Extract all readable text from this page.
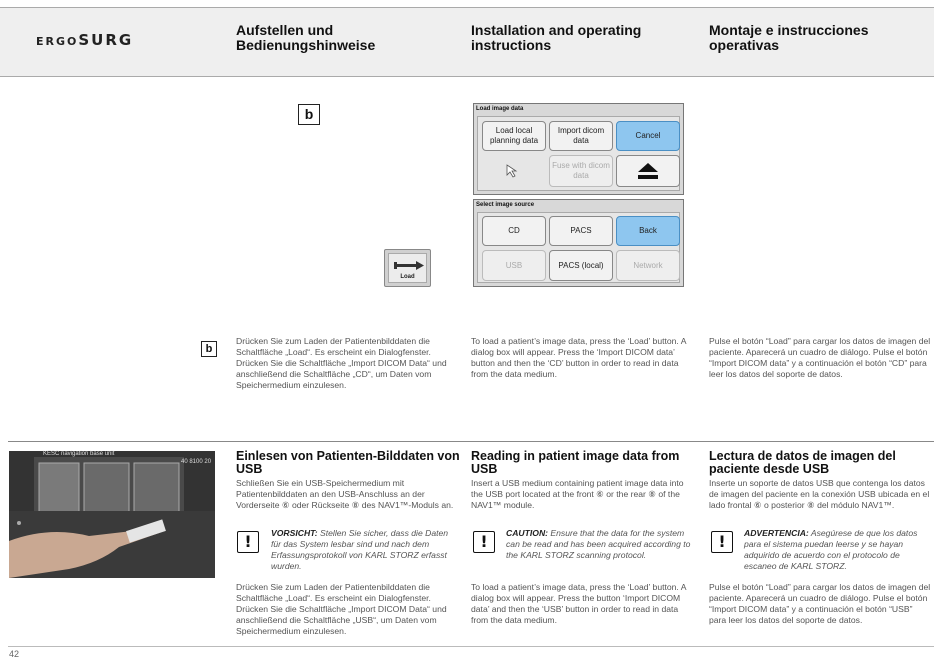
ERGOSURG
Aufstellen und
Bedienungshinweise
Installation and operating
instructions
Montaje e instrucciones
operativas
b
Load
Load image data
Load local planning data
Import dicom data
Cancel
Fuse with dicom data
Select image source
CD	PACS	Back
USB	PACS (local)	Network
b
Drücken Sie zum Laden der Patientenbilddaten die Schaltfläche „Load“. Es erscheint ein Dialogfenster. Drücken Sie die Schaltfläche „Import DICOM Data“ und anschließend die Schaltfläche „CD“, um Daten vom Speichermedium einzulesen.
To load a patient’s image data, press the ‘Load’ button. A dialog box will appear. Press the ‘Import DICOM data’ button and then the ‘CD’ button in order to read in data from the data medium.
Pulse el botón “Load” para cargar los datos de imagen del paciente. Aparecerá un cuadro de diálogo. Pulse el botón “Import DICOM data” y a continuación el botón “CD” para leer los datos del soporte de datos.
KESC navigation base unit
40 8100 20 Einlesen von Patienten-Bilddaten von USB
Schließen Sie ein USB-Speichermedium mit Patientenbilddaten an den USB-Anschluss an der Vorderseite ⑥ oder Rückseite ⑧ des NAV1™-Moduls an.
!	VORSICHT: Stellen Sie sicher, dass die Daten für das System lesbar sind und nach dem Erfassungsprotokoll von KARL STORZ erfasst wurden.
Drücken Sie zum Laden der Patientenbilddaten die Schaltfläche „Load“. Es erscheint ein Dialogfenster. Drücken Sie die Schaltfläche „Import DICOM Data“ und anschließend die Schaltfläche „USB“, um Daten vom Speichermedium einzulesen.
Reading in patient image data from USB
Insert a USB medium containing patient image data into the USB port located at the front ⑥ or the rear ⑧ of the NAV1™ module.
!	CAUTION: Ensure that the data for the system can be read and has been acquired according to the KARL STORZ scanning protocol.
To load a patient’s image data, press the ‘Load’ button. A dialog box will appear. Press the button ‘Import DICOM data’ and then the ‘USB’ button in order to read in data from the data medium.
Lectura de datos de imagen del paciente desde USB
Inserte un soporte de datos USB que contenga los datos de imagen del paciente en la conexión USB ubicada en el lado frontal ⑥ o posterior ⑧ del módulo NAV1™.
!	ADVERTENCIA: Asegúrese de que los datos para el sistema puedan leerse y se hayan adquirido de acuerdo con el protocolo de escaneo de KARL STORZ.
Pulse el botón “Load” para cargar los datos de imagen del paciente. Aparecerá un cuadro de diálogo. Pulse el botón “Import DICOM data” y a continuación el botón “USB” para leer los datos del soporte de datos.
42
